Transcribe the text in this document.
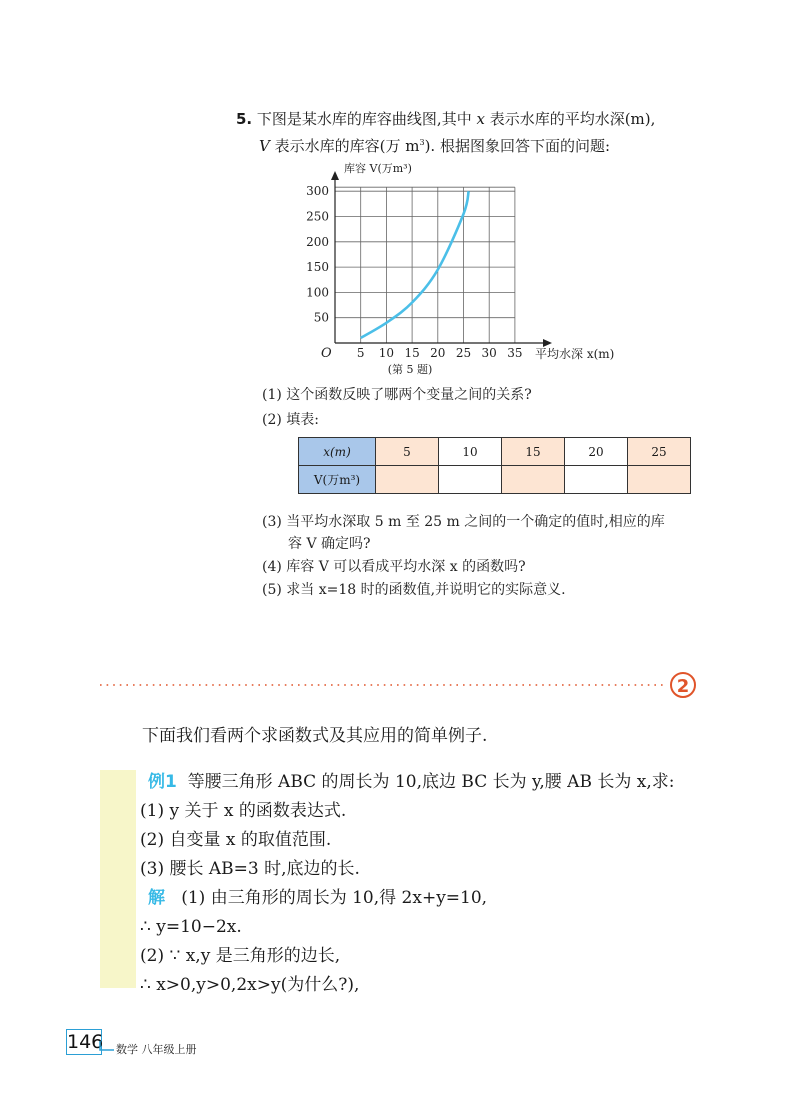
5. 下图是某水库的库容曲线图,其中 x 表示水库的平均水深(m),
V 表示水库的库容(万 $m^3$). 根据图象回答下面的问题:
5 10 15 20 25 30 35
50
100
150
200
250
300
库容 V(万m³)
平均水深 x(m)
O
(第 5 题)
(1) 这个函数反映了哪两个变量之间的关系?
(2) 填表:
x(m)	5	10	15	20	25
V(万m³)					
(3) 当平均水深取 5 m 至 25 m 之间的一个确定的值时,相应的库
容 V 确定吗?
(4) 库容 V 可以看成平均水深 x 的函数吗?
(5) 求当 x=18 时的函数值,并说明它的实际意义.
2
下面我们看两个求函数式及其应用的简单例子.
例1 等腰三角形 ABC 的周长为 10,底边 BC 长为 y,腰 AB 长为 x,求:
(1) y 关于 x 的函数表达式.
(2) 自变量 x 的取值范围.
(3) 腰长 AB=3 时,底边的长.
解 (1) 由三角形的周长为 10,得 2x+y=10,
∴ y=10−2x.
(2) ∵ x,y 是三角形的边长,
∴ x>0,y>0,2x>y(为什么?),
146 数学 八年级上册
